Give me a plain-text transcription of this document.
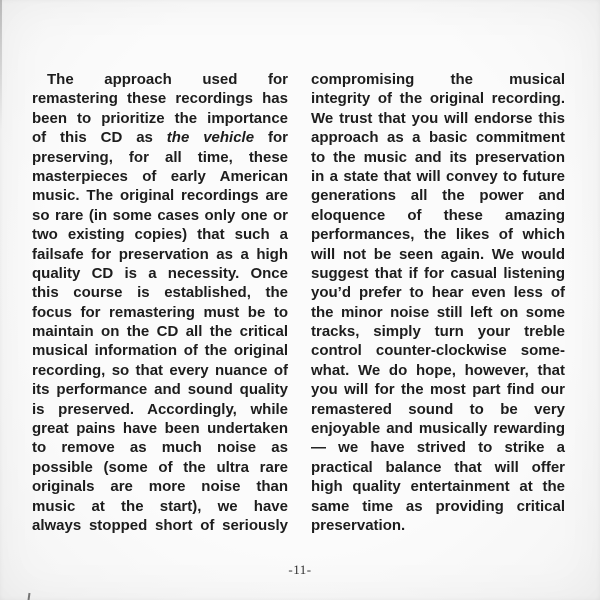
The approach used for
remastering these recordings has
been to prioritize the importance
of this CD as the vehicle for
preserving, for all time, these
masterpieces of early American
music. The original recordings are
so rare (in some cases only one or
two existing copies) that such a
failsafe for preservation as a high
quality CD is a necessity. Once
this course is established, the
focus for remastering must be to
maintain on the CD all the critical
musical information of the original
recording, so that every nuance of
its performance and sound quality
is preserved. Accordingly, while
great pains have been undertaken
to remove as much noise as
possible (some of the ultra rare
originals are more noise than
music at the start), we have
always stopped short of seriously
compromising the musical
integrity of the original recording.
We trust that you will endorse this
approach as a basic commitment
to the music and its preservation
in a state that will convey to future
generations all the power and
eloquence of these amazing
performances, the likes of which
will not be seen again. We would
suggest that if for casual listening
you’d prefer to hear even less of
the minor noise still left on some
tracks, simply turn your treble
control counter-clockwise some-
what. We do hope, however, that
you will for the most part find our
remastered sound to be very
enjoyable and musically rewarding
— we have strived to strike a
practical balance that will offer
high quality entertainment at the
same time as providing critical
preservation.
-11-
